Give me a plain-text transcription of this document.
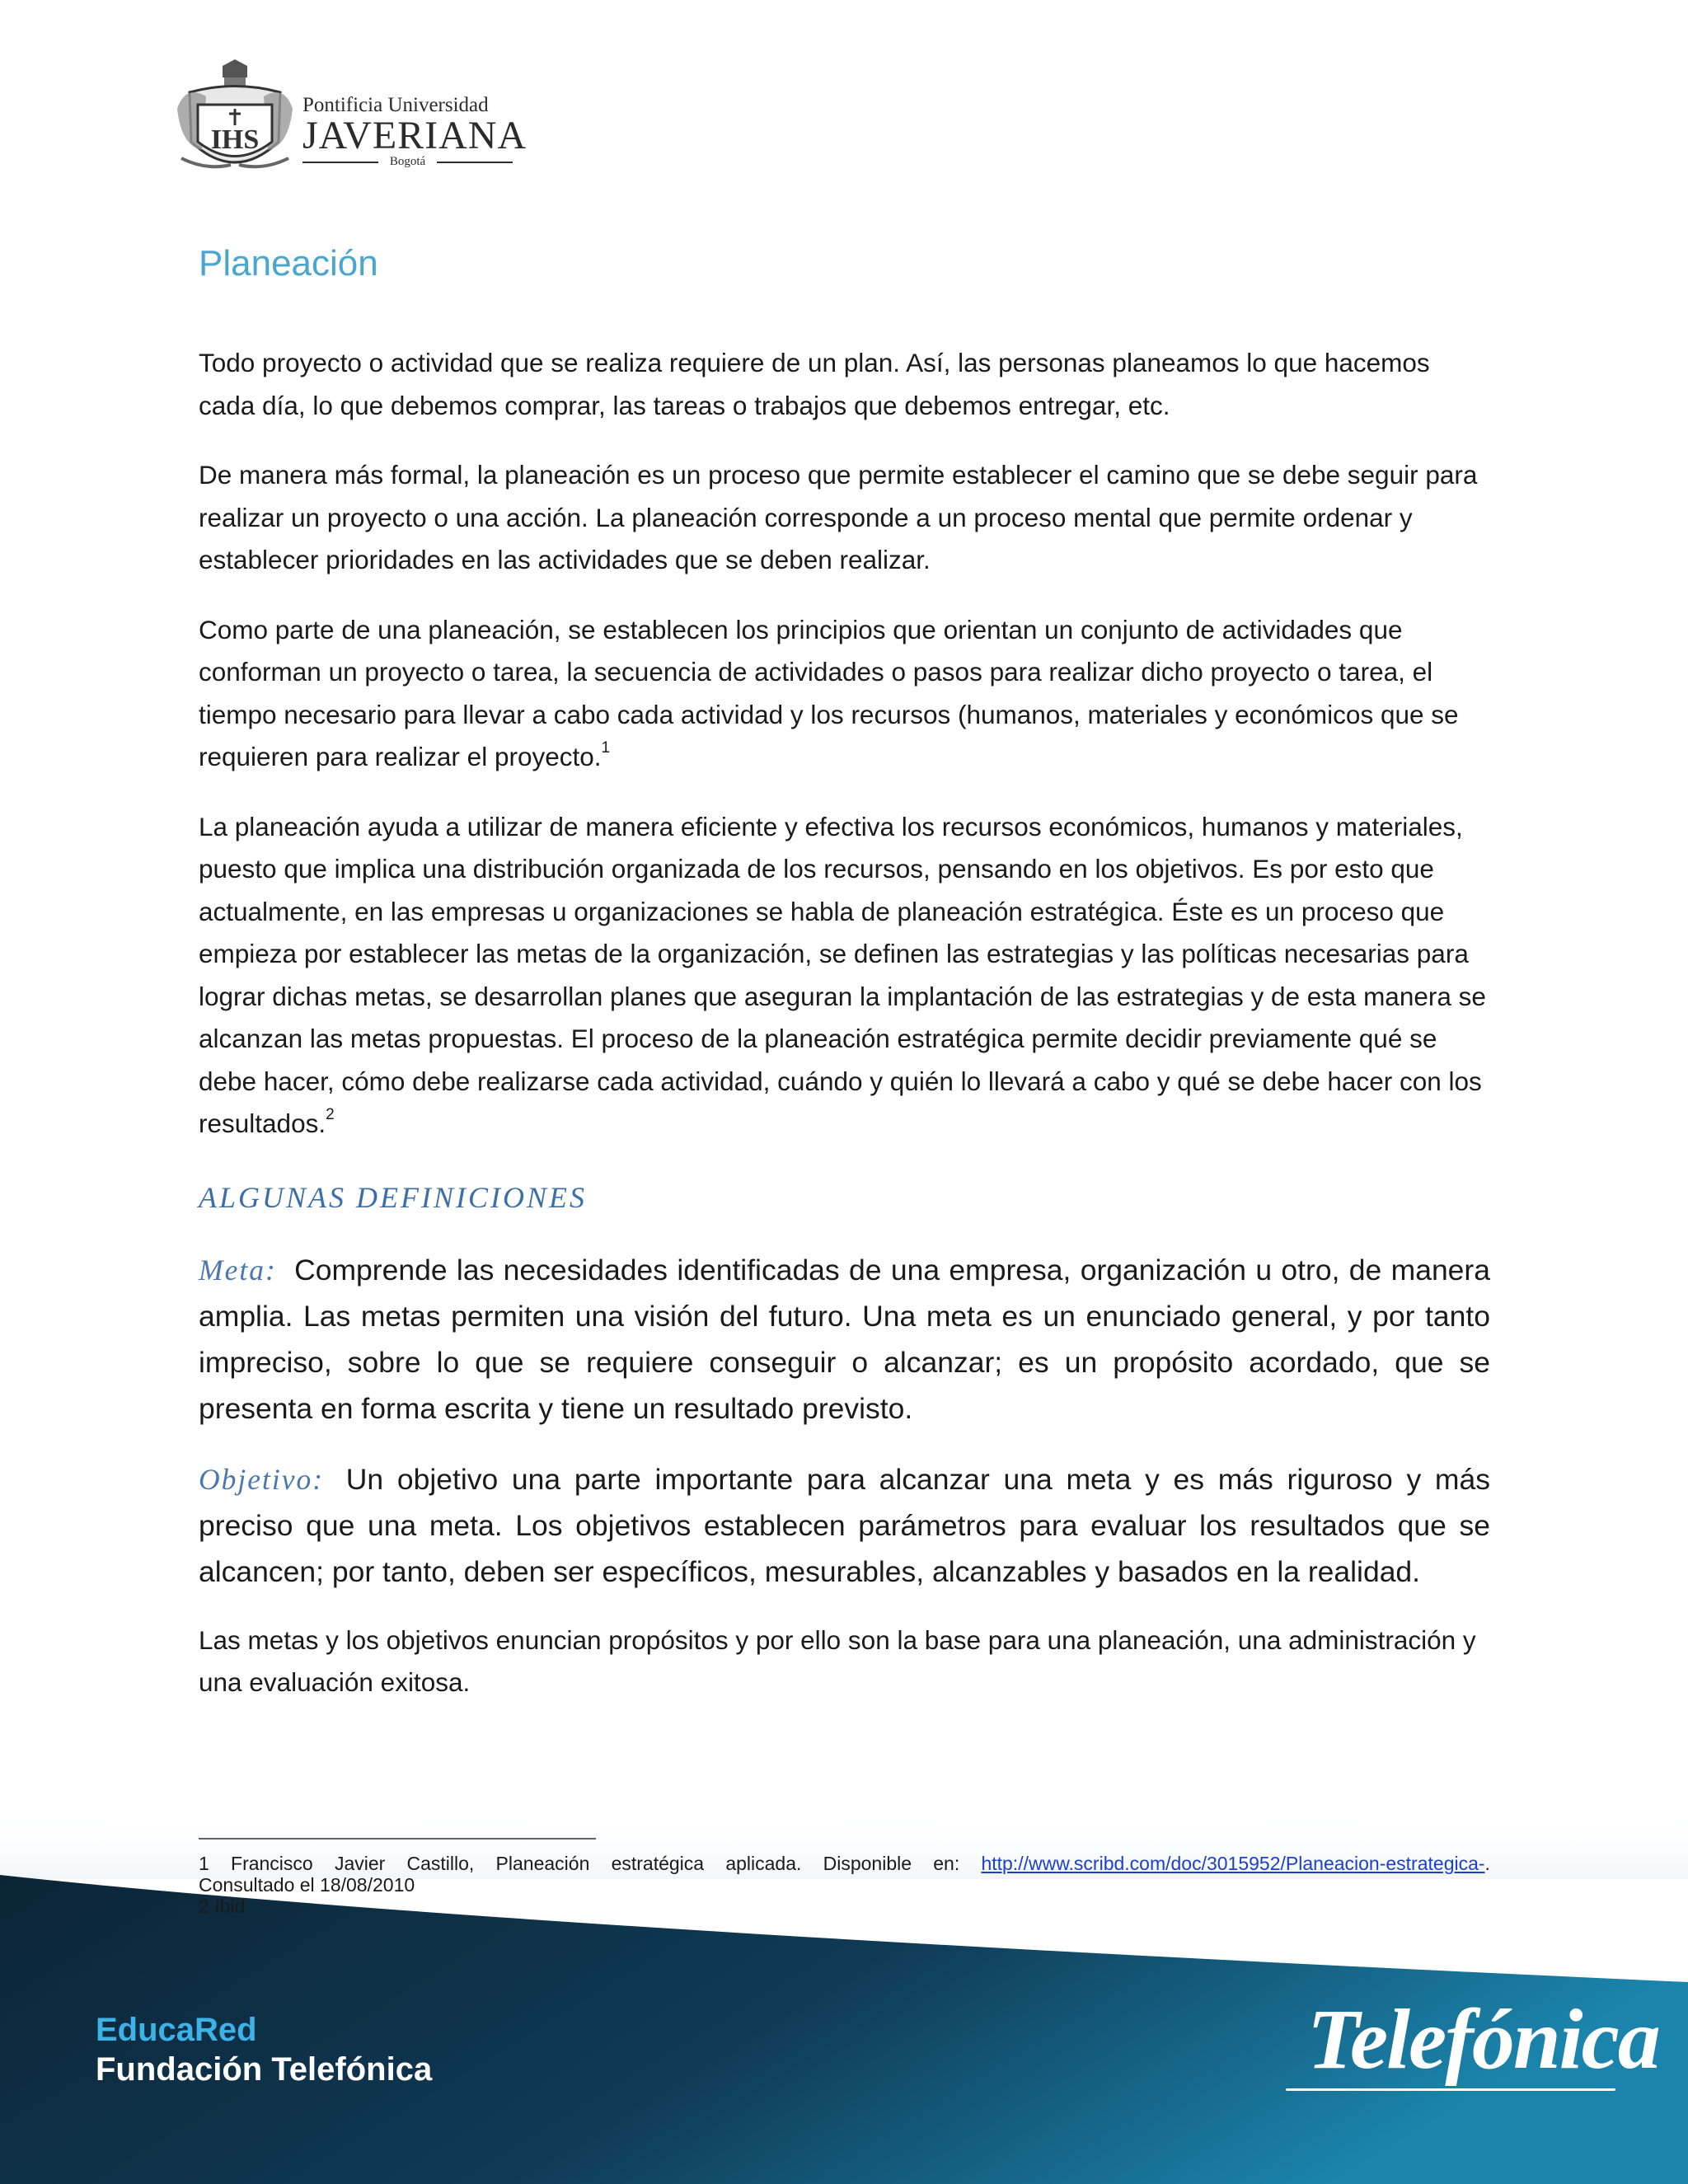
IHS
Pontificia Universidad
JAVERIANA
Bogotá
Planeación

Todo proyecto o actividad que se realiza requiere de un plan. Así, las personas planeamos lo que hacemos cada día, lo que debemos comprar, las tareas o trabajos que debemos entregar, etc.

De manera más formal, la planeación es un proceso que permite establecer el camino que se debe seguir para realizar un proyecto o una acción. La planeación corresponde a un proceso mental que permite ordenar y establecer prioridades en las actividades que se deben realizar.

Como parte de una planeación, se establecen los principios que orientan un conjunto de actividades que conforman un proyecto o tarea, la secuencia de actividades o pasos para realizar dicho proyecto o tarea, el tiempo necesario para llevar a cabo cada actividad y los recursos (humanos, materiales y económicos que se requieren para realizar el proyecto.$^1$

La planeación ayuda a utilizar de manera eficiente y efectiva los recursos económicos, humanos y materiales, puesto que implica una distribución organizada de los recursos, pensando en los objetivos. Es por esto que actualmente, en las empresas u organizaciones se habla de planeación estratégica. Éste es un proceso que empieza por establecer las metas de la organización, se definen las estrategias y las políticas necesarias para lograr dichas metas, se desarrollan planes que aseguran la implantación de las estrategias y de esta manera se alcanzan las metas propuestas. El proceso de la planeación estratégica permite decidir previamente qué se debe hacer, cómo debe realizarse cada actividad, cuándo y quién lo llevará a cabo y qué se debe hacer con los resultados.$^2$

ALGUNAS DEFINICIONES

Meta: Comprende las necesidades identificadas de una empresa, organización u otro, de manera amplia. Las metas permiten una visión del futuro. Una meta es un enunciado general, y por tanto impreciso, sobre lo que se requiere conseguir o alcanzar; es un propósito acordado, que se presenta en forma escrita y tiene un resultado previsto.

Objetivo: Un objetivo una parte importante para alcanzar una meta y es más riguroso y más preciso que una meta. Los objetivos establecen parámetros para evaluar los resultados que se alcancen; por tanto, deben ser específicos, mesurables, alcanzables y basados en la realidad.

Las metas y los objetivos enuncian propósitos y por ello son la base para una planeación, una administración y una evaluación exitosa.

1 Francisco Javier Castillo, Planeación estratégica aplicada. Disponible en: http://www.scribd.com/doc/3015952/Planeacion-estrategica-.
Consultado el 18/08/2010
2 Ibid
EducaRed
Fundación Telefónica	Telefónica
